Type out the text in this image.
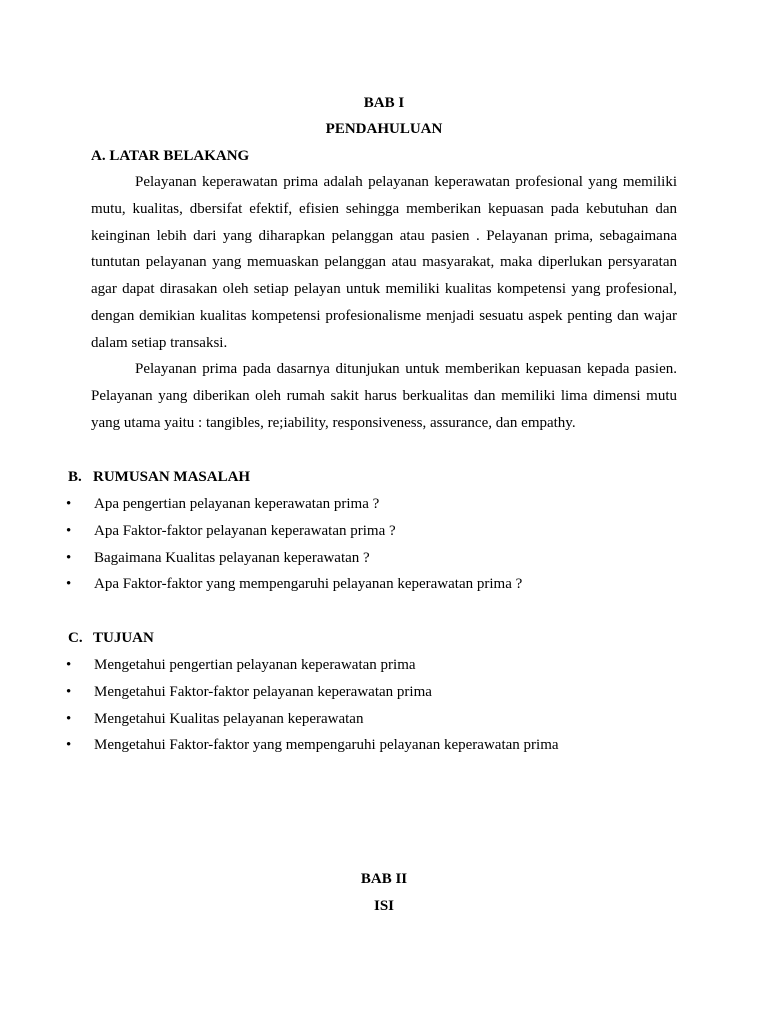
BAB I
PENDAHULUAN
A. LATAR BELAKANG

Pelayanan keperawatan prima adalah pelayanan keperawatan profesional yang memiliki mutu, kualitas, dbersifat efektif, efisien sehingga memberikan kepuasan pada kebutuhan dan keinginan lebih dari yang diharapkan pelanggan atau pasien . Pelayanan prima, sebagaimana tuntutan pelayanan yang memuaskan pelanggan atau masyarakat, maka diperlukan persyaratan agar dapat dirasakan oleh setiap pelayan untuk memiliki kualitas kompetensi yang profesional, dengan demikian kualitas kompetensi profesionalisme menjadi sesuatu aspek penting dan wajar dalam setiap transaksi.

Pelayanan prima pada dasarnya ditunjukan untuk memberikan kepuasan kepada pasien. Pelayanan yang diberikan oleh rumah sakit harus berkualitas dan memiliki lima dimensi mutu yang utama yaitu : tangibles, re;iability, responsiveness, assurance, dan empathy.

B. RUMUSAN MASALAH
•	Apa pengertian pelayanan keperawatan prima ?
•	Apa Faktor-faktor pelayanan keperawatan prima ?
•	Bagaimana Kualitas pelayanan keperawatan ?
•	Apa Faktor-faktor yang mempengaruhi pelayanan keperawatan prima ?
C. TUJUAN
•	Mengetahui pengertian pelayanan keperawatan prima
•	Mengetahui Faktor-faktor pelayanan keperawatan prima
•	Mengetahui Kualitas pelayanan keperawatan
•	Mengetahui Faktor-faktor yang mempengaruhi pelayanan keperawatan prima
BAB II
ISI
